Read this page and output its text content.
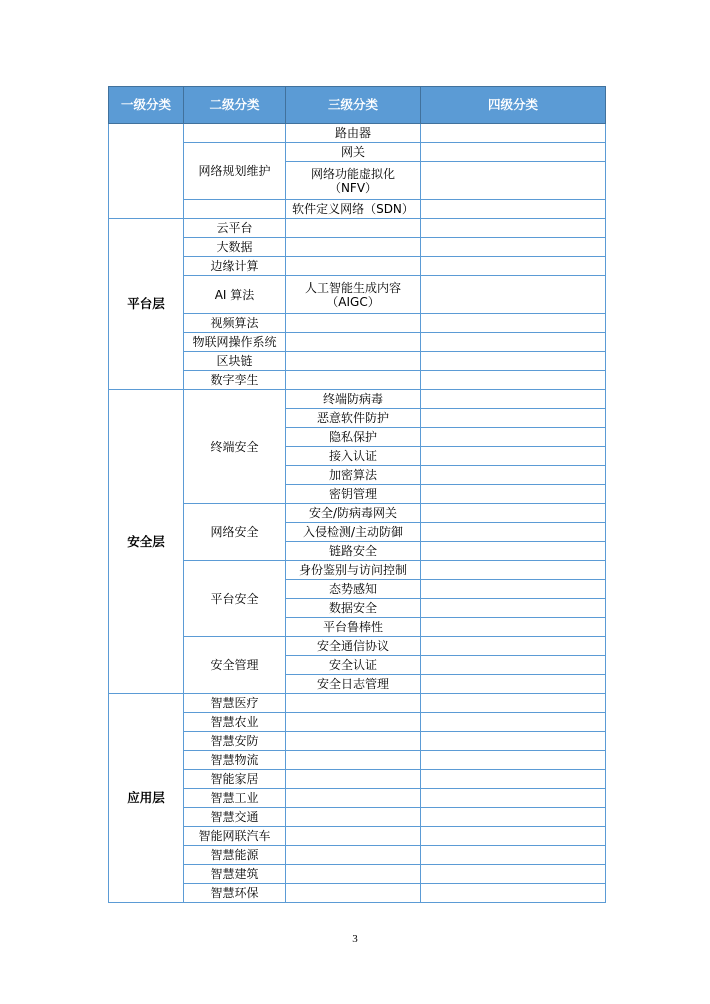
一级分类	二级分类	三级分类	四级分类
		路由器	
	网络规划维护	网关	
		网络功能虚拟化（NFV）	
		软件定义网络（SDN）	
平台层	云平台		
	大数据		
	边缘计算		
	AI 算法	人工智能生成内容
（AIGC）	

	视频算法		
	物联网操作系统		
	区块链		
	数字孪生		
安全层	终端安全	终端防病毒	
		恶意软件防护	
		隐私保护	
		接入认证	
		加密算法	
		密钥管理	
	网络安全	安全/防病毒网关	
		入侵检测/主动防御	
		链路安全	
	平台安全	身份鉴别与访问控制	
		态势感知	
		数据安全	
		平台鲁棒性	
	安全管理	安全通信协议	
		安全认证	
		安全日志管理	
应用层	智慧医疗		
	智慧农业		
	智慧安防		
	智慧物流		
	智能家居		
	智慧工业		
	智慧交通		
	智能网联汽车		
	智慧能源		
	智慧建筑		
	智慧环保		
3
